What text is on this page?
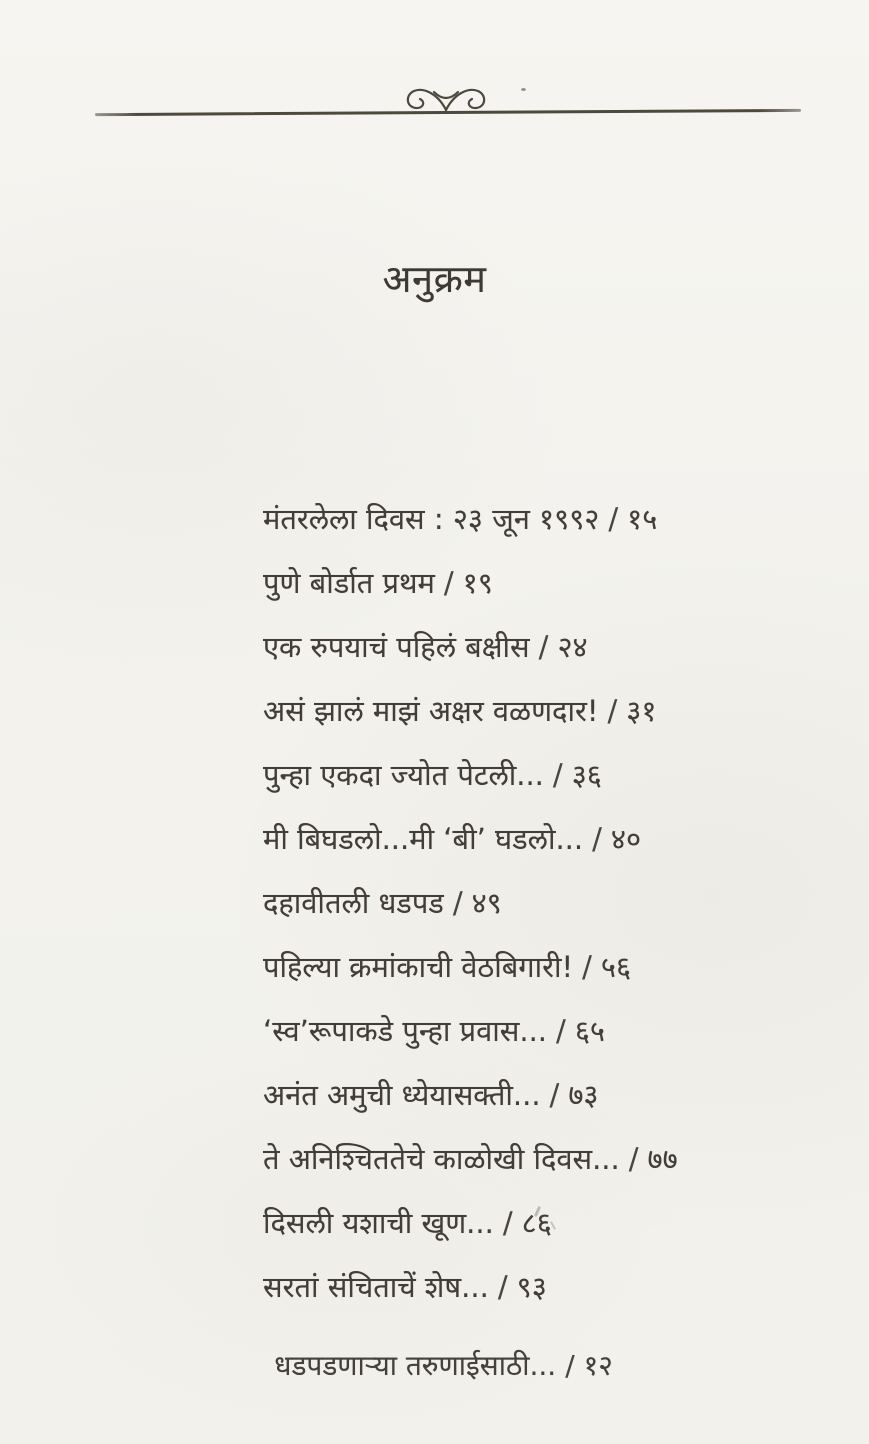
अनुक्रम
मंतरलेला दिवस : २३ जून १९९२ / १५
पुणे बोर्डात प्रथम / १९
एक रुपयाचं पहिलं बक्षीस / २४
असं झालं माझं अक्षर वळणदार! / ३१
पुन्हा एकदा ज्योत पेटली... / ३६
मी बिघडलो...मी ‘बी’ घडलो... / ४०
दहावीतली धडपड / ४९
पहिल्या क्रमांकाची वेठबिगारी! / ५६
‘स्व’रूपाकडे पुन्हा प्रवास... / ६५
अनंत अमुची ध्येयासक्ती... / ७३
ते अनिश्चिततेचे काळोखी दिवस... / ७७
दिसली यशाची खूण... / ८६
सरतां संचिताचें शेष... / ९३
धडपडणाऱ्या तरुणाईसाठी... / १२
